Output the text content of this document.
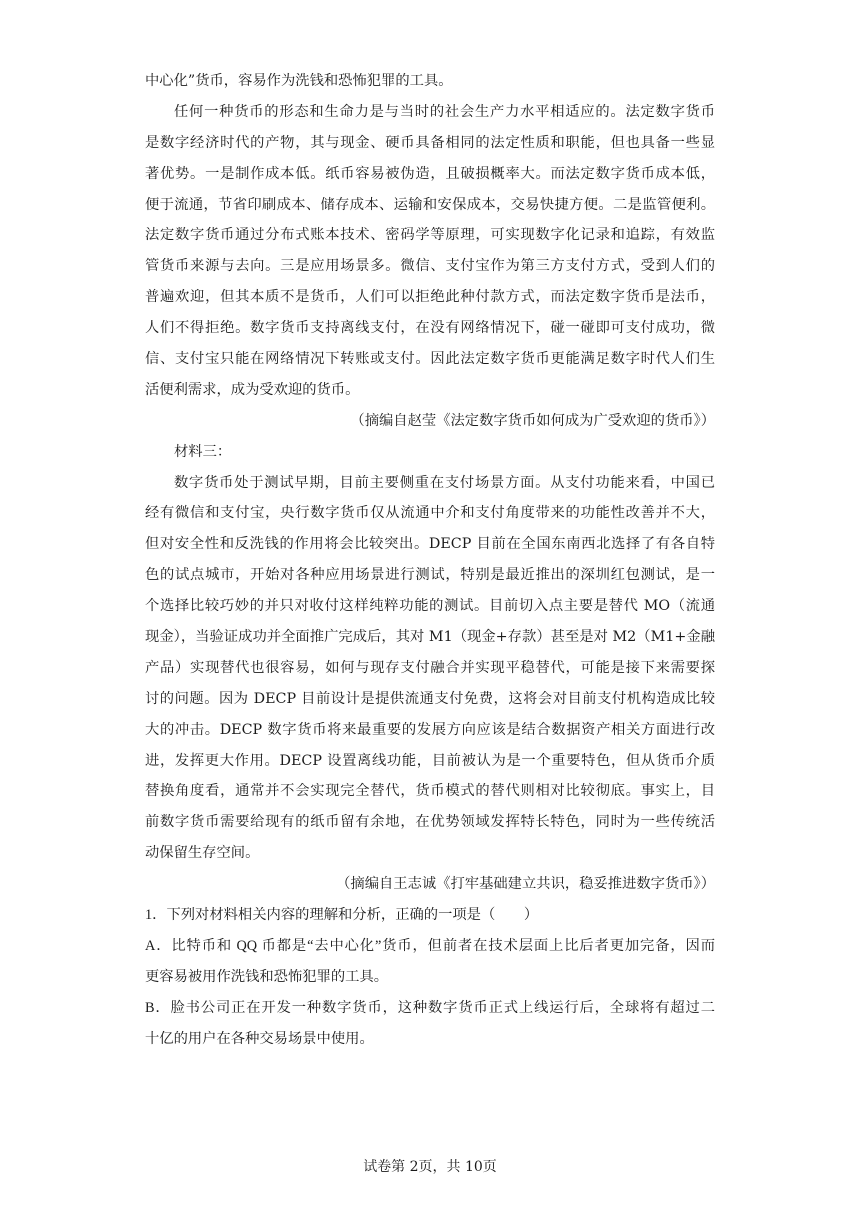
中心化”货币，容易作为洗钱和恐怖犯罪的工具。
任何一种货币的形态和生命力是与当时的社会生产力水平相适应的。法定数字货币
是数字经济时代的产物，其与现金、硬币具备相同的法定性质和职能，但也具备一些显
著优势。一是制作成本低。纸币容易被伪造，且破损概率大。而法定数字货币成本低，
便于流通，节省印刷成本、储存成本、运输和安保成本，交易快捷方便。二是监管便利。
法定数字货币通过分布式账本技术、密码学等原理，可实现数字化记录和追踪，有效监
管货币来源与去向。三是应用场景多。微信、支付宝作为第三方支付方式，受到人们的
普遍欢迎，但其本质不是货币，人们可以拒绝此种付款方式，而法定数字货币是法币，
人们不得拒绝。数字货币支持离线支付，在没有网络情况下，碰一碰即可支付成功，微
信、支付宝只能在网络情况下转账或支付。因此法定数字货币更能满足数字时代人们生
活便利需求，成为受欢迎的货币。
（摘编自赵莹《法定数字货币如何成为广受欢迎的货币》）
材料三：
数字货币处于测试早期，目前主要侧重在支付场景方面。从支付功能来看，中国已
经有微信和支付宝，央行数字货币仅从流通中介和支付角度带来的功能性改善并不大，
但对安全性和反洗钱的作用将会比较突出。DECP 目前在全国东南西北选择了有各自特
色的试点城市，开始对各种应用场景进行测试，特别是最近推出的深圳红包测试，是一
个选择比较巧妙的并只对收付这样纯粹功能的测试。目前切入点主要是替代 MO（流通
现金），当验证成功并全面推广完成后，其对 M1（现金+存款）甚至是对 M2（M1+金融
产品）实现替代也很容易，如何与现存支付融合并实现平稳替代，可能是接下来需要探
讨的问题。因为 DECP 目前设计是提供流通支付免费，这将会对目前支付机构造成比较
大的冲击。DECP 数字货币将来最重要的发展方向应该是结合数据资产相关方面进行改
进，发挥更大作用。DECP 设置离线功能，目前被认为是一个重要特色，但从货币介质
替换角度看，通常并不会实现完全替代，货币模式的替代则相对比较彻底。事实上，目
前数字货币需要给现有的纸币留有余地，在优势领域发挥特长特色，同时为一些传统活
动保留生存空间。
（摘编自王志诚《打牢基础建立共识，稳妥推进数字货币》）
1．下列对材料相关内容的理解和分析，正确的一项是（　　）
A．比特币和 QQ 币都是“去中心化”货币，但前者在技术层面上比后者更加完备，因而
更容易被用作洗钱和恐怖犯罪的工具。
B．脸书公司正在开发一种数字货币，这种数字货币正式上线运行后，全球将有超过二
十亿的用户在各种交易场景中使用。
试卷第 2页，共 10页
